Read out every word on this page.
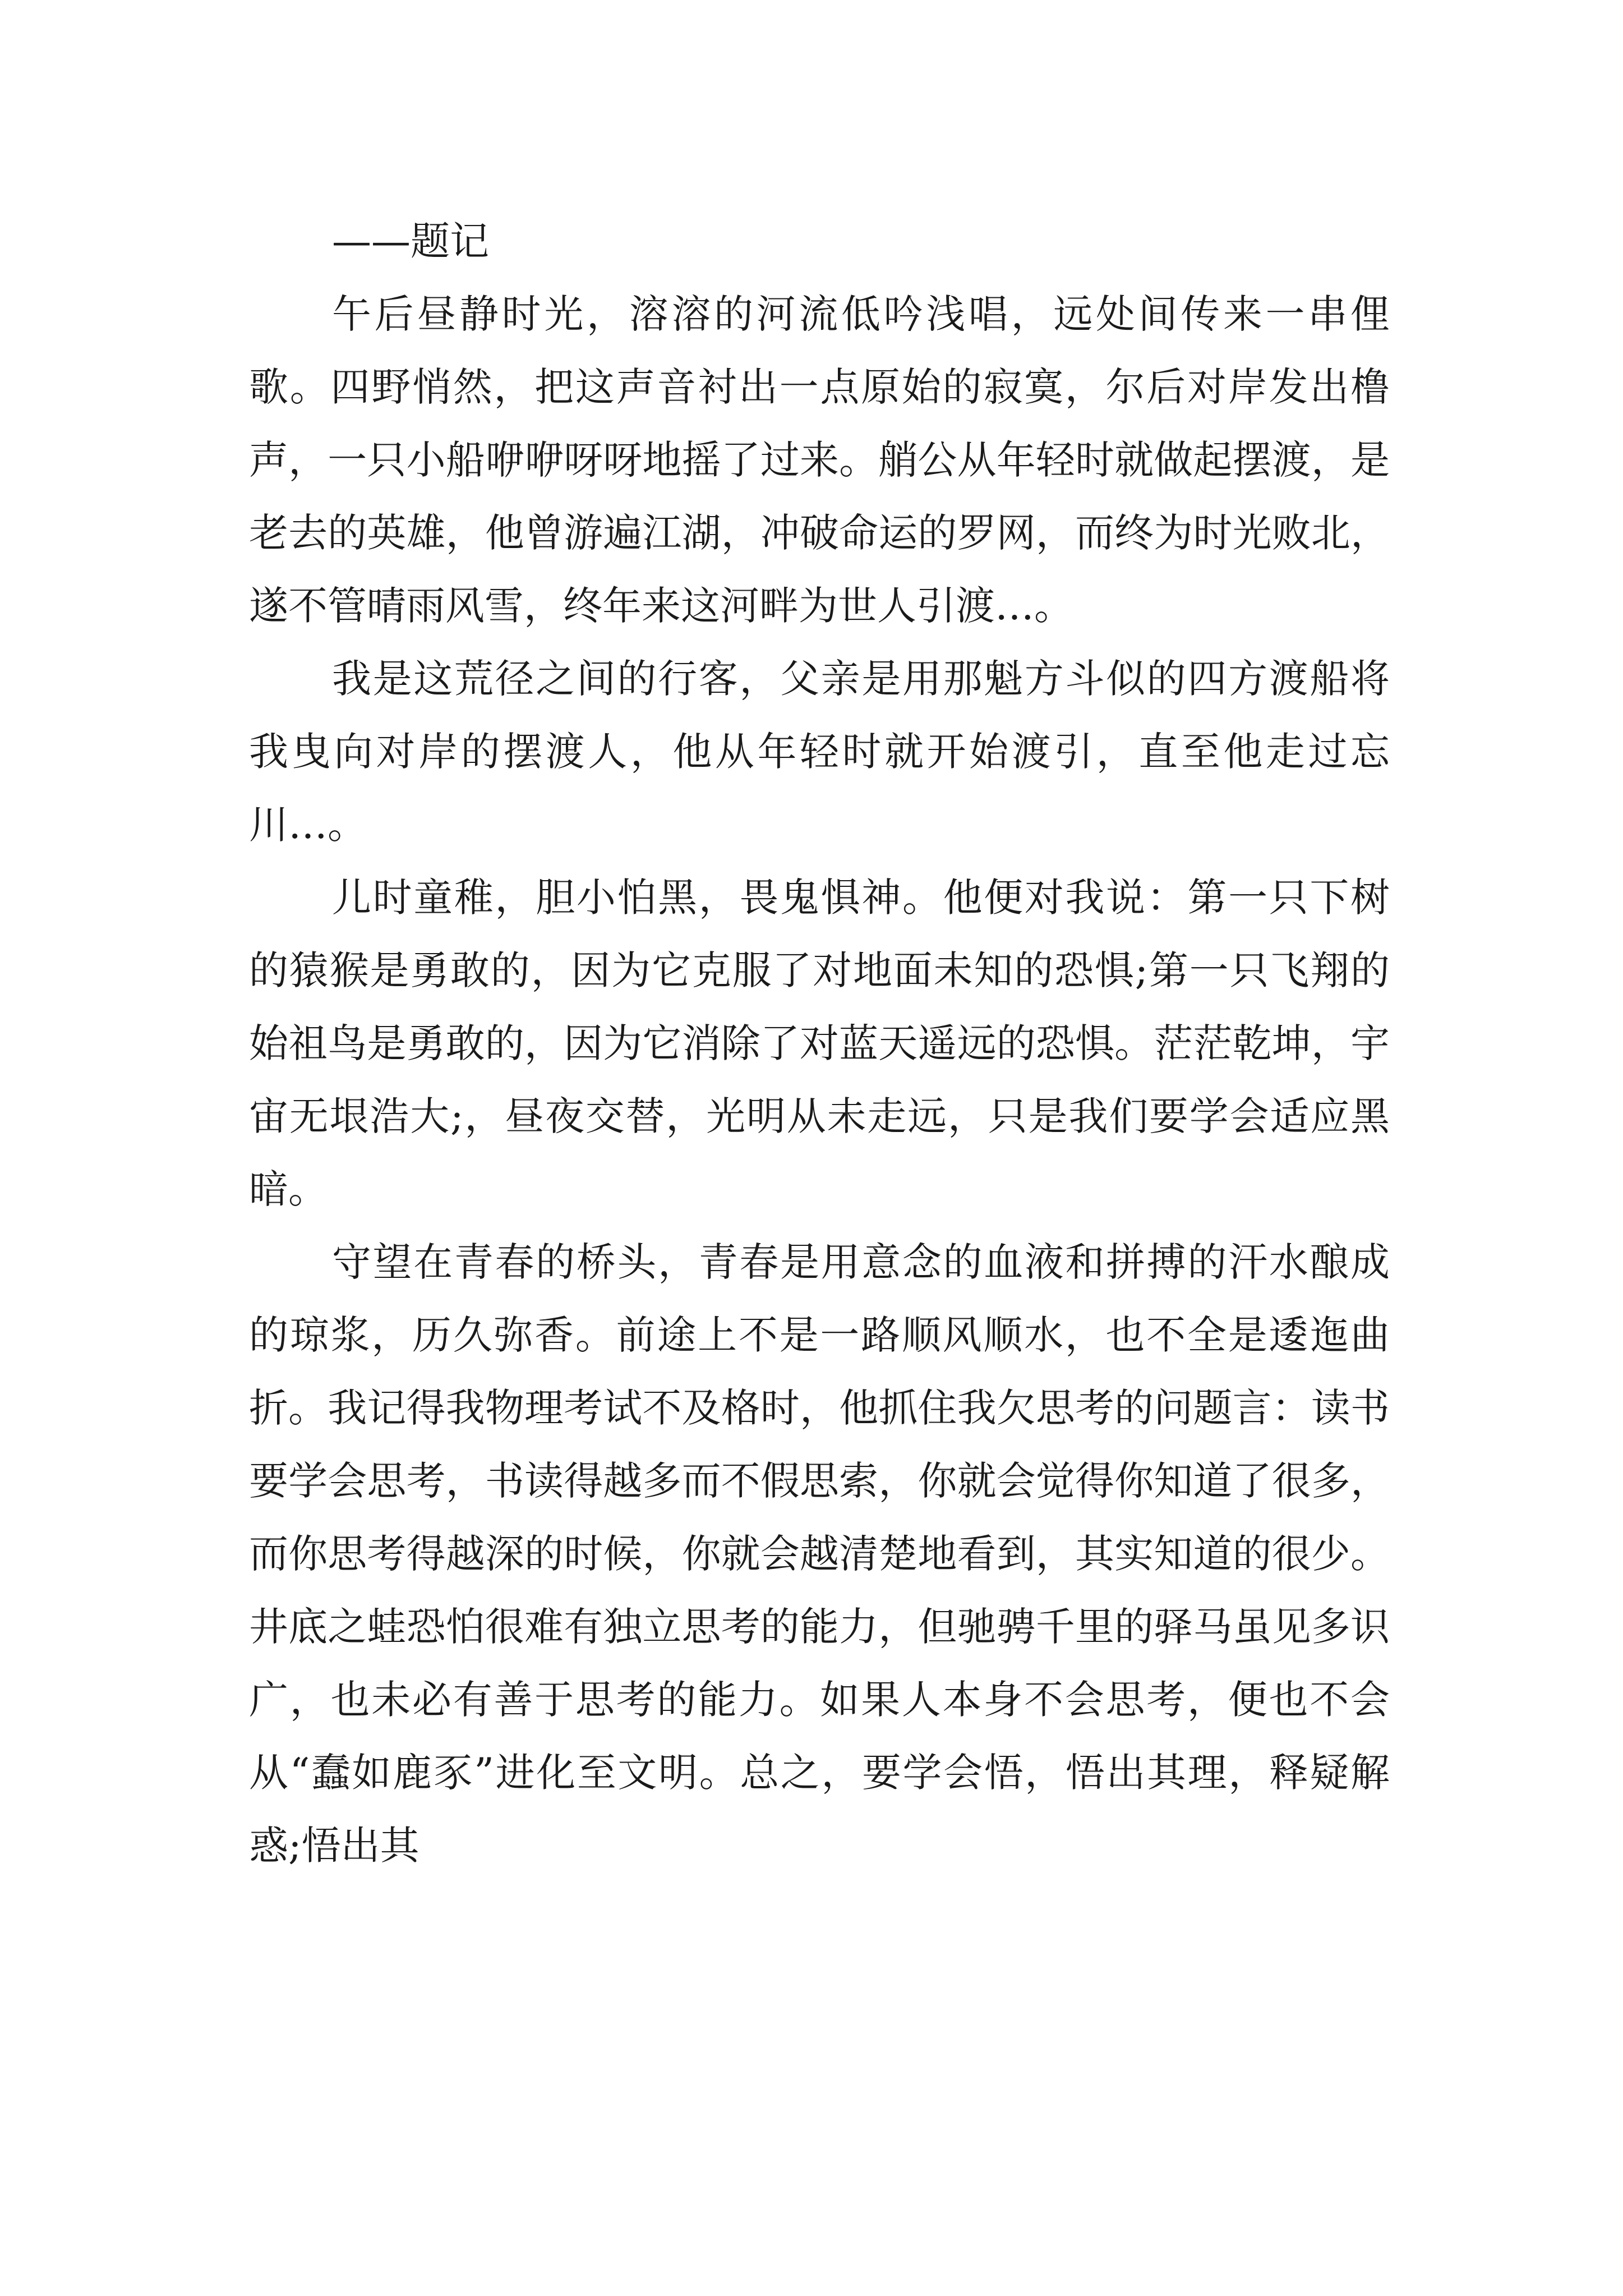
——题记

午后昼静时光，溶溶的河流低吟浅唱，远处间传来一串俚歌。四野悄然，把这声音衬出一点原始的寂寞，尔后对岸发出橹声，一只小船咿咿呀呀地摇了过来。艄公从年轻时就做起摆渡，是老去的英雄，他曾游遍江湖，冲破命运的罗网，而终为时光败北，遂不管晴雨风雪，终年来这河畔为世人引渡…。

我是这荒径之间的行客，父亲是用那魁方斗似的四方渡船将我曳向对岸的摆渡人，他从年轻时就开始渡引，直至他走过忘川…。

儿时童稚，胆小怕黑，畏鬼惧神。他便对我说：第一只下树的猿猴是勇敢的，因为它克服了对地面未知的恐惧;第一只飞翔的始祖鸟是勇敢的，因为它消除了对蓝天遥远的恐惧。茫茫乾坤，宇宙无垠浩大;，昼夜交替，光明从未走远，只是我们要学会适应黑暗。

守望在青春的桥头，青春是用意念的血液和拼搏的汗水酿成的琼浆，历久弥香。前途上不是一路顺风顺水，也不全是逶迤曲折。我记得我物理考试不及格时，他抓住我欠思考的问题言：读书要学会思考，书读得越多而不假思索，你就会觉得你知道了很多，而你思考得越深的时候，你就会越清楚地看到，其实知道的很少。井底之蛙恐怕很难有独立思考的能力，但驰骋千里的驿马虽见多识广，也未必有善于思考的能力。如果人本身不会思考，便也不会从“蠢如鹿豕”进化至文明。总之，要学会悟，悟出其理，释疑解惑;悟出其
